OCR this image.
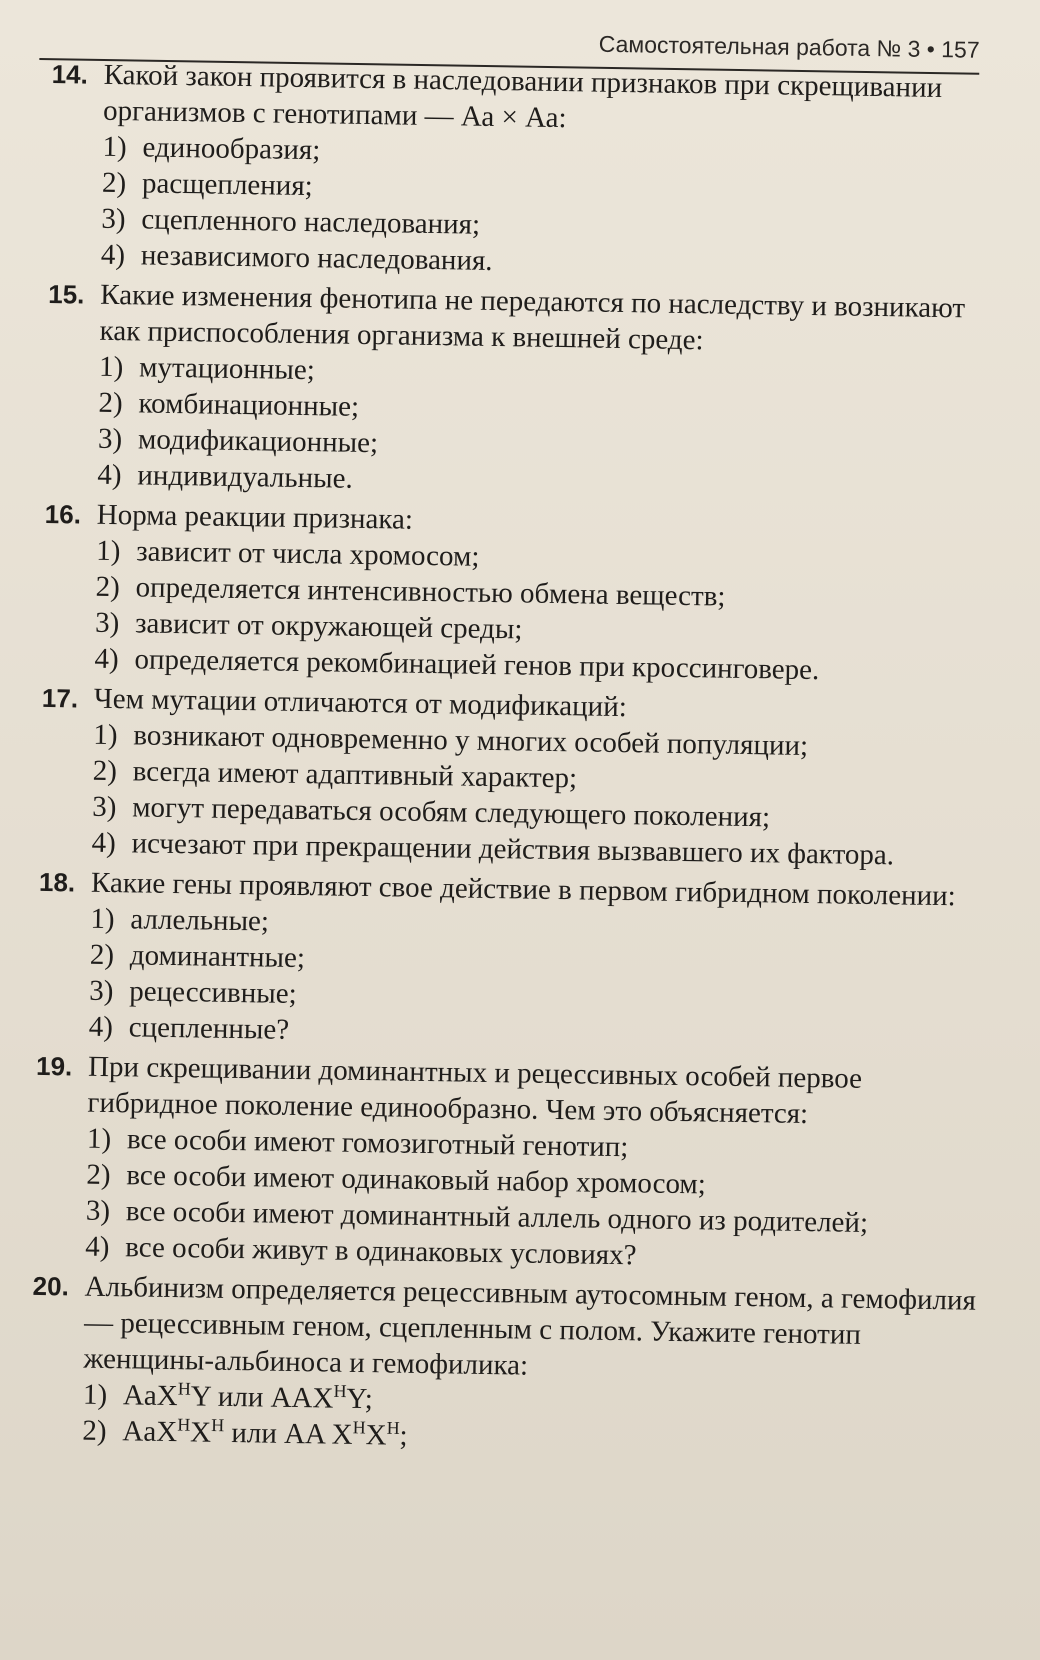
Самостоятельная работа № 3 • 157
14. Какой закон проявится в наследовании признаков при скрещивании организмов с генотипами — Аа × Аа:
1) единообразия;
2) расщепления;
3) сцепленного наследования;
4) независимого наследования.
15. Какие изменения фенотипа не передаются по наследству и возникают как приспособления организма к внешней среде:
1) мутационные;
2) комбинационные;
3) модификационные;
4) индивидуальные.
16. Норма реакции признака:
1) зависит от числа хромосом;
2) определяется интенсивностью обмена веществ;
3) зависит от окружающей среды;
4) определяется рекомбинацией генов при кроссинговере.
17. Чем мутации отличаются от модификаций:
1) возникают одновременно у многих особей популяции;
2) всегда имеют адаптивный характер;
3) могут передаваться особям следующего поколения;
4) исчезают при прекращении действия вызвавшего их фактора.
18. Какие гены проявляют свое действие в первом гибридном поколении:
1) аллельные;
2) доминантные;
3) рецессивные;
4) сцепленные?
19. При скрещивании доминантных и рецессивных особей первое гибридное поколение единообразно. Чем это объясняется:
1) все особи имеют гомозиготный генотип;
2) все особи имеют одинаковый набор хромосом;
3) все особи имеют доминантный аллель одного из родителей;
4) все особи живут в одинаковых условиях?
20. Альбинизм определяется рецессивным аутосомным геном, а гемофилия — рецессивным геном, сцепленным с полом. Укажите генотип женщины-альбиноса и гемофилика:
1) AaX$^H$Y или $AAX^HY$;
2) $AaX^HX^H$ или AA $X^HX^H$;
